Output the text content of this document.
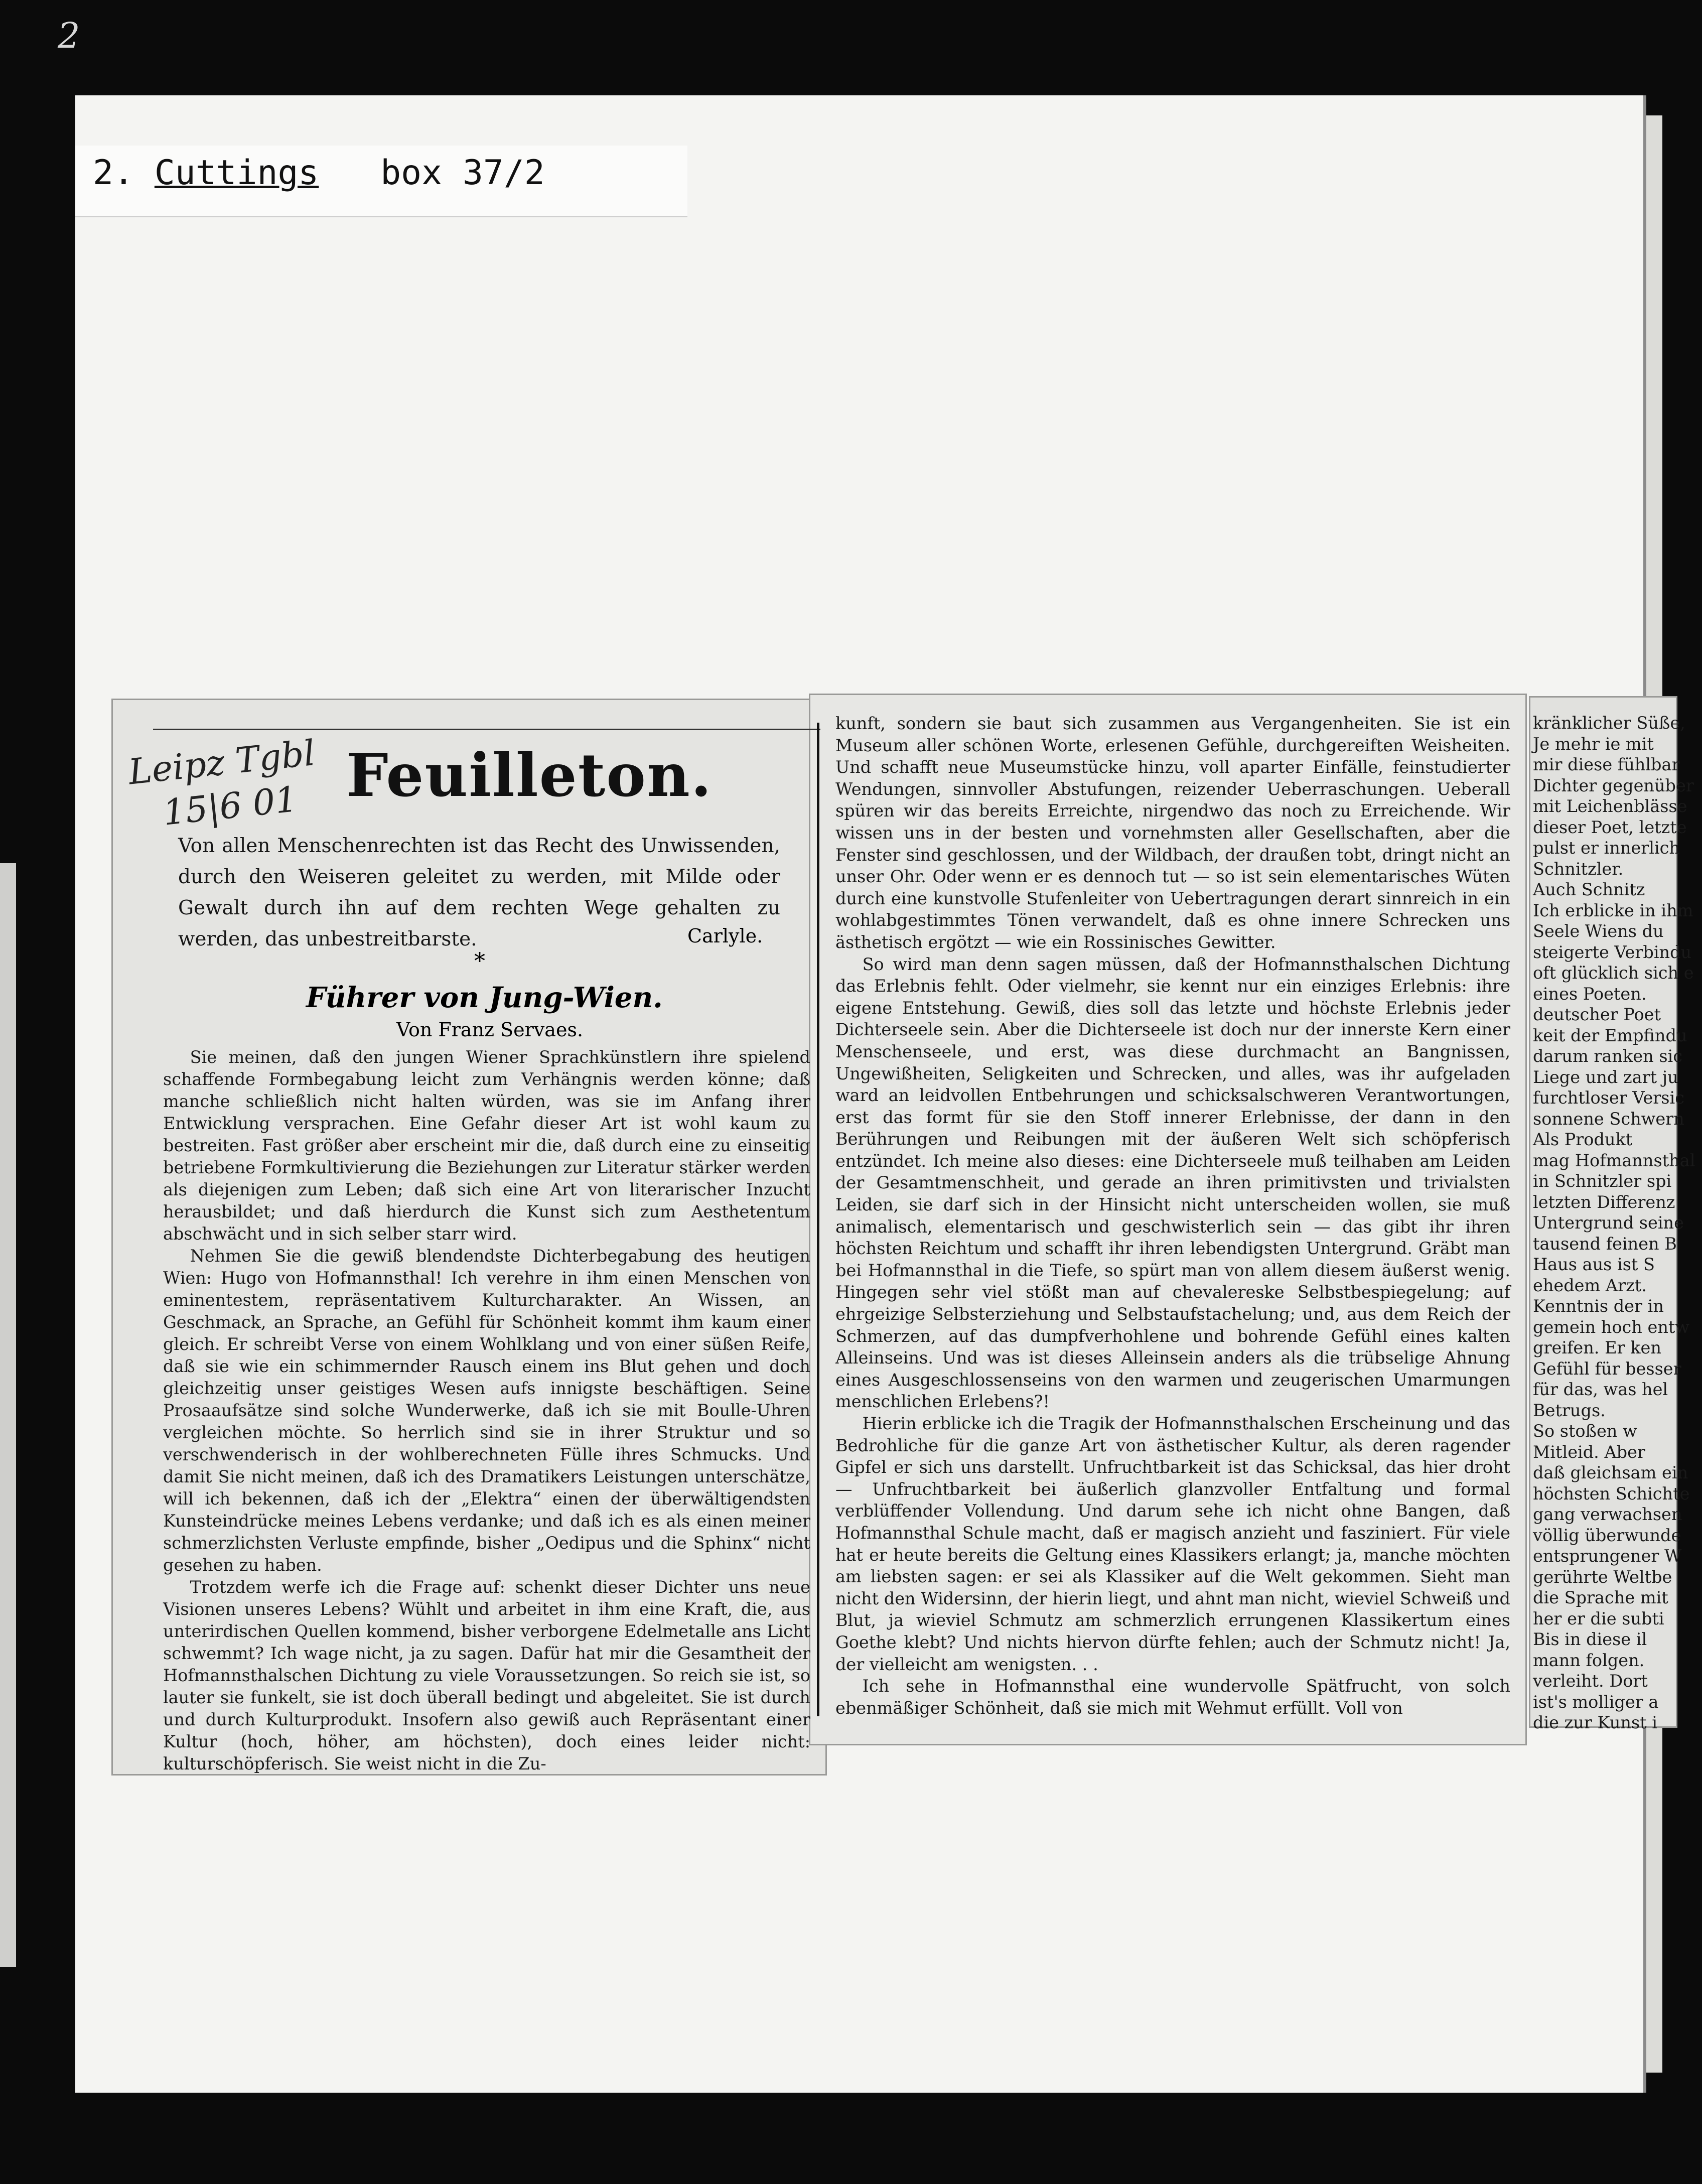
2
2. Cuttings box 37/2
Leipz Tgbl
15|6 01 Feuilleton.
Von allen Menschenrechten ist das Recht des Unwissenden, durch den Weiseren geleitet zu werden, mit Milde oder Gewalt durch ihn auf dem rechten Wege gehalten zu werden, das unbestreitbarste.	Carlyle.
*
Führer von Jung-Wien.
Von Franz Servaes.

Sie meinen, daß den jungen Wiener Sprachkünstlern ihre spielend schaffende Formbegabung leicht zum Verhängnis werden könne; daß manche schließlich nicht halten würden, was sie im Anfang ihrer Entwicklung versprachen. Eine Gefahr dieser Art ist wohl kaum zu bestreiten. Fast größer aber erscheint mir die, daß durch eine zu einseitig betriebene Formkultivierung die Beziehungen zur Literatur stärker werden als diejenigen zum Leben; daß sich eine Art von literarischer Inzucht herausbildet; und daß hierdurch die Kunst sich zum Aesthetentum abschwächt und in sich selber starr wird.

Nehmen Sie die gewiß blendendste Dichterbegabung des heutigen Wien: Hugo von Hofmannsthal! Ich verehre in ihm einen Menschen von eminentestem, repräsentativem Kulturcharakter. An Wissen, an Geschmack, an Sprache, an Gefühl für Schönheit kommt ihm kaum einer gleich. Er schreibt Verse von einem Wohlklang und von einer süßen Reife, daß sie wie ein schimmernder Rausch einem ins Blut gehen und doch gleichzeitig unser geistiges Wesen aufs innigste beschäftigen. Seine Prosaaufsätze sind solche Wunderwerke, daß ich sie mit Boulle-Uhren vergleichen möchte. So herrlich sind sie in ihrer Struktur und so verschwenderisch in der wohlberechneten Fülle ihres Schmucks. Und damit Sie nicht meinen, daß ich des Dramatikers Leistungen unterschätze, will ich bekennen, daß ich der „Elektra“ einen der überwältigendsten Kunsteindrücke meines Lebens verdanke; und daß ich es als einen meiner schmerzlichsten Verluste empfinde, bisher „Oedipus und die Sphinx“ nicht gesehen zu haben.

Trotzdem werfe ich die Frage auf: schenkt dieser Dichter uns neue Visionen unseres Lebens? Wühlt und arbeitet in ihm eine Kraft, die, aus unterirdischen Quellen kommend, bisher verborgene Edelmetalle ans Licht schwemmt? Ich wage nicht, ja zu sagen. Dafür hat mir die Gesamtheit der Hofmannsthalschen Dichtung zu viele Voraussetzungen. So reich sie ist, so lauter sie funkelt, sie ist doch überall bedingt und abgeleitet. Sie ist durch und durch Kulturprodukt. Insofern also gewiß auch Repräsentant einer Kultur (hoch, höher, am höchsten), doch eines leider nicht: kulturschöpferisch. Sie weist nicht in die Zu-

kunft, sondern sie baut sich zusammen aus Vergangenheiten. Sie ist ein Museum aller schönen Worte, erlesenen Gefühle, durchgereiften Weisheiten. Und schafft neue Museumstücke hinzu, voll aparter Einfälle, feinstudierter Wendungen, sinnvoller Abstufungen, reizender Ueberraschungen. Ueberall spüren wir das bereits Erreichte, nirgendwo das noch zu Erreichende. Wir wissen uns in der besten und vornehmsten aller Gesellschaften, aber die Fenster sind geschlossen, und der Wildbach, der draußen tobt, dringt nicht an unser Ohr. Oder wenn er es dennoch tut — so ist sein elementarisches Wüten durch eine kunstvolle Stufenleiter von Uebertragungen derart sinnreich in ein wohlabgestimmtes Tönen verwandelt, daß es ohne innere Schrecken uns ästhetisch ergötzt — wie ein Rossinisches Gewitter.

So wird man denn sagen müssen, daß der Hofmannsthalschen Dichtung das Erlebnis fehlt. Oder vielmehr, sie kennt nur ein einziges Erlebnis: ihre eigene Entstehung. Gewiß, dies soll das letzte und höchste Erlebnis jeder Dichterseele sein. Aber die Dichterseele ist doch nur der innerste Kern einer Menschenseele, und erst, was diese durchmacht an Bangnissen, Ungewißheiten, Seligkeiten und Schrecken, und alles, was ihr aufgeladen ward an leidvollen Entbehrungen und schicksalschweren Verantwortungen, erst das formt für sie den Stoff innerer Erlebnisse, der dann in den Berührungen und Reibungen mit der äußeren Welt sich schöpferisch entzündet. Ich meine also dieses: eine Dichterseele muß teilhaben am Leiden der Gesamtmenschheit, und gerade an ihren primitivsten und trivialsten Leiden, sie darf sich in der Hinsicht nicht unterscheiden wollen, sie muß animalisch, elementarisch und geschwisterlich sein — das gibt ihr ihren höchsten Reichtum und schafft ihr ihren lebendigsten Untergrund. Gräbt man bei Hofmannsthal in die Tiefe, so spürt man von allem diesem äußerst wenig. Hingegen sehr viel stößt man auf chevalereske Selbstbespiegelung; auf ehrgeizige Selbsterziehung und Selbstaufstachelung; und, aus dem Reich der Schmerzen, auf das dumpfverhohlene und bohrende Gefühl eines kalten Alleinseins. Und was ist dieses Alleinsein anders als die trübselige Ahnung eines Ausgeschlossenseins von den warmen und zeugerischen Umarmungen menschlichen Erlebens?!

Hierin erblicke ich die Tragik der Hofmannsthalschen Erscheinung und das Bedrohliche für die ganze Art von ästhetischer Kultur, als deren ragender Gipfel er sich uns darstellt. Unfruchtbarkeit ist das Schicksal, das hier droht — Unfruchtbarkeit bei äußerlich glanzvoller Entfaltung und formal verblüffender Vollendung. Und darum sehe ich nicht ohne Bangen, daß Hofmannsthal Schule macht, daß er magisch anzieht und fasziniert. Für viele hat er heute bereits die Geltung eines Klassikers erlangt; ja, manche möchten am liebsten sagen: er sei als Klassiker auf die Welt gekommen. Sieht man nicht den Widersinn, der hierin liegt, und ahnt man nicht, wieviel Schweiß und Blut, ja wieviel Schmutz am schmerzlich errungenen Klassikertum eines Goethe klebt? Und nichts hiervon dürfte fehlen; auch der Schmutz nicht! Ja, der vielleicht am wenigsten. . .

Ich sehe in Hofmannsthal eine wundervolle Spätfrucht, von solch ebenmäßiger Schönheit, daß sie mich mit Wehmut erfüllt. Voll von

kränklicher Süße,
Je mehr ie mit
mir diese fühlbar
Dichter gegenüber
mit Leichenblässe
dieser Poet, letzte
pulst er innerlich
Schnitzler.
Auch Schnitz
Ich erblicke in ihm
Seele Wiens du
steigerte Verbindu
oft glücklich sich e
eines Poeten.
deutscher Poet
keit der Empfindu
darum ranken sic
Liege und zart ju
furchtloser Versic
sonnene Schwern
Als Produkt
mag Hofmannsthal
in Schnitzler spi
letzten Differenz
Untergrund seine
tausend feinen B
Haus aus ist S
ehedem Arzt.
Kenntnis der in
gemein hoch entw
greifen. Er ken
Gefühl für besser
für das, was hel
Betrugs.
So stoßen w
Mitleid. Aber
daß gleichsam ein
höchsten Schichte
gang verwachsen
völlig überwunde
entsprungener W
gerührte Weltbe
die Sprache mit
her er die subti
Bis in diese il
mann folgen.
verleiht. Dort
ist's molliger a
die zur Kunst i
